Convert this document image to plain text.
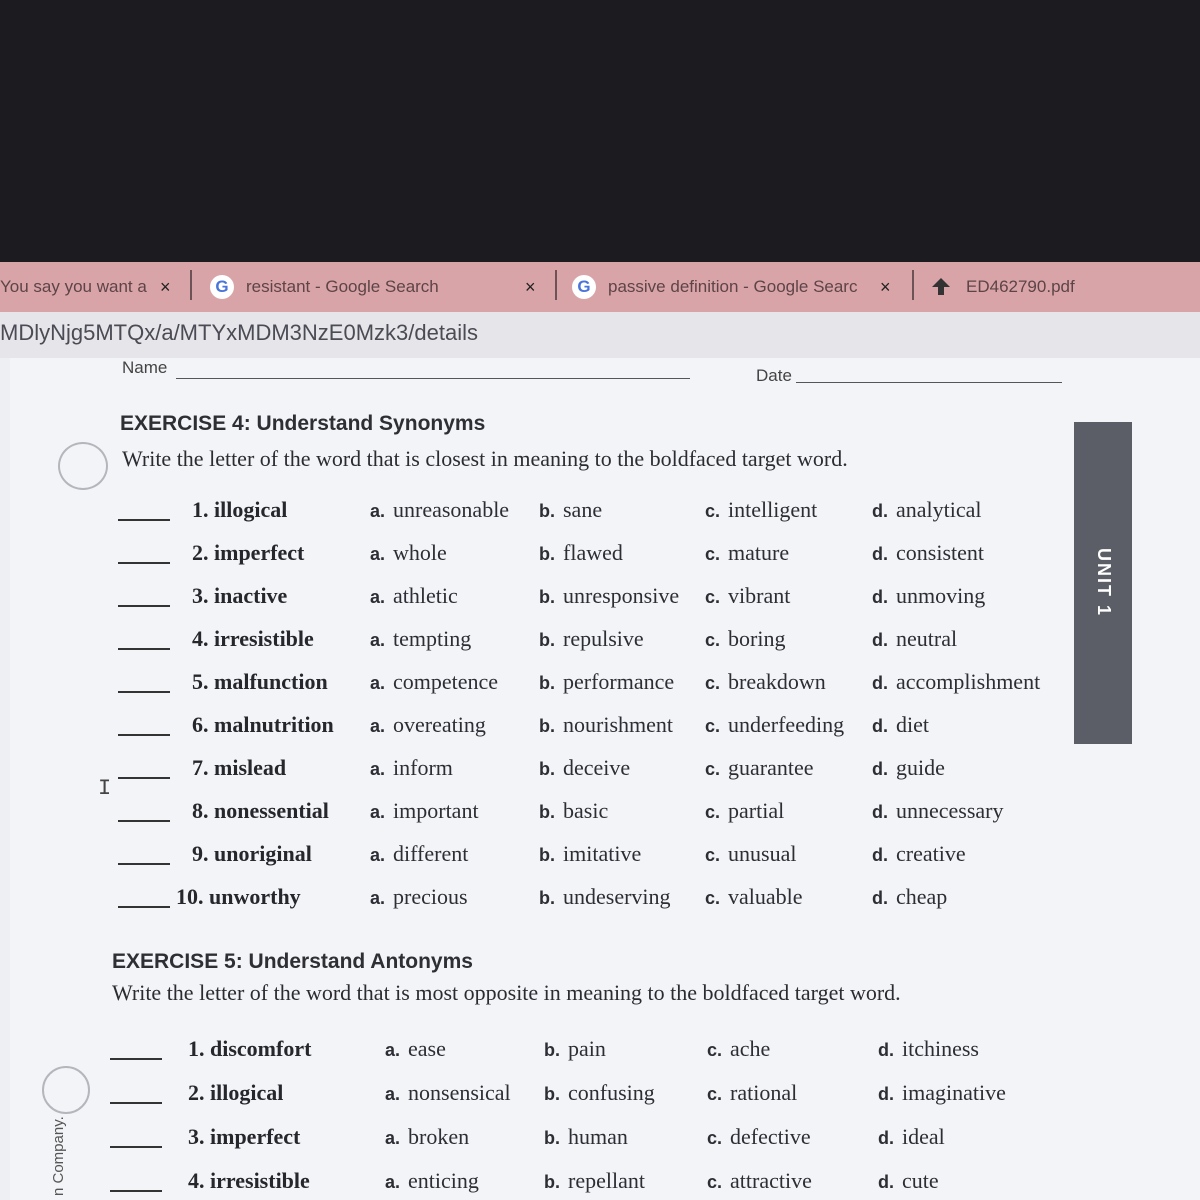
You say you want a ×	G	resistant - Google Search	×	G	passive definition - Google Searc ×	ED462790.pdf
MDlyNjg5MTQx/a/MTYxMDM3NzE0Mzk3/details
Name	Date
UNIT 1
n Company.
I
EXERCISE 4: Understand Synonyms
Write the letter of the word that is closest in meaning to the boldfaced target word.
1. illogical	a. unreasonable b. sane	c. intelligent	d. analytical
2. imperfect	a. whole	b. flawed	c. mature	d. consistent
3. inactive	a. athletic	b. unresponsive c. vibrant	d. unmoving
4. irresistible	a. tempting	b. repulsive	c. boring	d. neutral
5. malfunction a. competence b. performance c. breakdown	d. accomplishment
6. malnutrition a. overeating	b. nourishment c. underfeeding d. diet
7. mislead	a. inform	b. deceive	c. guarantee	d. guide
8. nonessential a. important	b. basic	c. partial	d. unnecessary
9. unoriginal	a. different	b. imitative	c. unusual	d. creative
10. unworthy	a. precious	b. undeserving c. valuable	d. cheap
EXERCISE 5: Understand Antonyms
Write the letter of the word that is most opposite in meaning to the boldfaced target word.
1. discomfort	a. ease	b. pain	c. ache	d. itchiness
2. illogical	a. nonsensical b. confusing	c. rational	d. imaginative
3. imperfect	a. broken	b. human	c. defective	d. ideal
4. irresistible	a. enticing	b. repellant	c. attractive	d. cute
